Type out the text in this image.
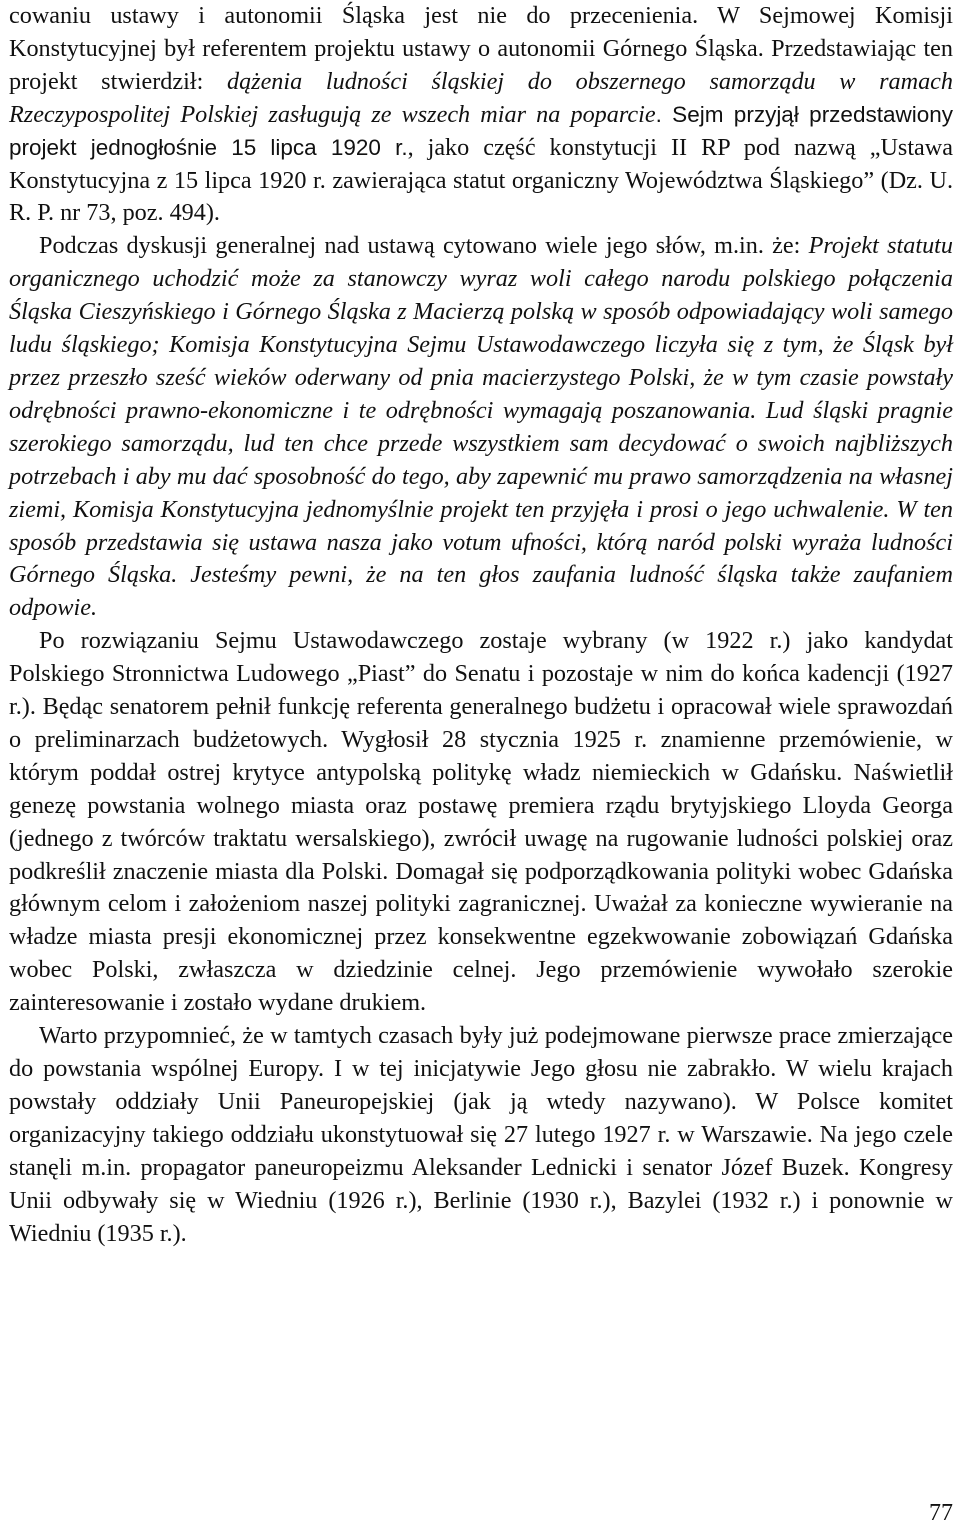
cowaniu ustawy i autonomii Śląska jest nie do przecenienia. W Sejmowej Komisji Konstytucyjnej był referentem projektu ustawy o autonomii Górnego Śląska. Przedstawiając ten projekt stwierdził: dążenia ludności śląskiej do obszernego samorządu w ramach Rzeczypospolitej Polskiej zasługują ze wszech miar na poparcie. Sejm przyjął przedstawiony projekt jednogłośnie 15 lipca 1920 r., jako część konstytucji II RP pod nazwą „Ustawa Konstytucyjna z 15 lipca 1920 r. zawierająca statut organiczny Województwa Śląskiego” (Dz. U. R. P. nr 73, poz. 494).

Podczas dyskusji generalnej nad ustawą cytowano wiele jego słów, m.in. że: Projekt statutu organicznego uchodzić może za stanowczy wyraz woli całego narodu polskiego połączenia Śląska Cieszyńskiego i Górnego Śląska z Macierzą polską w sposób odpowiadający woli samego ludu śląskiego; Komisja Konstytucyjna Sejmu Ustawodawczego liczyła się z tym, że Śląsk był przez przeszło sześć wieków oderwany od pnia macierzystego Polski, że w tym czasie powstały odrębności prawno-ekonomiczne i te odrębności wymagają poszanowania. Lud śląski pragnie szerokiego samorządu, lud ten chce przede wszystkiem sam decydować o swoich najbliższych potrzebach i aby mu dać sposobność do tego, aby zapewnić mu prawo samorządzenia na własnej ziemi, Komisja Konstytucyjna jednomyślnie projekt ten przyjęła i prosi o jego uchwalenie. W ten sposób przedstawia się ustawa nasza jako votum ufności, którą naród polski wyraża ludności Górnego Śląska. Jesteśmy pewni, że na ten głos zaufania ludność śląska także zaufaniem odpowie.

Po rozwiązaniu Sejmu Ustawodawczego zostaje wybrany (w 1922 r.) jako kandydat Polskiego Stronnictwa Ludowego „Piast” do Senatu i pozostaje w nim do końca kadencji (1927 r.). Będąc senatorem pełnił funkcję referenta generalnego budżetu i opracował wiele sprawozdań o preliminarzach budżetowych. Wygłosił 28 stycznia 1925 r. znamienne przemówienie, w którym poddał ostrej krytyce antypolską politykę władz niemieckich w Gdańsku. Naświetlił genezę powstania wolnego miasta oraz postawę premiera rządu brytyjskiego Lloyda Georga (jednego z twórców traktatu wersalskiego), zwrócił uwagę na rugowanie ludności polskiej oraz podkreślił znaczenie miasta dla Polski. Domagał się podporządkowania polityki wobec Gdańska głównym celom i założeniom naszej polityki zagranicznej. Uważał za konieczne wywieranie na władze miasta presji ekonomicznej przez konsekwentne egzekwowanie zobowiązań Gdańska wobec Polski, zwłaszcza w dziedzinie celnej. Jego przemówienie wywołało szerokie zainteresowanie i zostało wydane drukiem.

Warto przypomnieć, że w tamtych czasach były już podejmowane pierwsze prace zmierzające do powstania wspólnej Europy. I w tej inicjatywie Jego głosu nie zabrakło. W wielu krajach powstały oddziały Unii Paneuropejskiej (jak ją wtedy nazywano). W Polsce komitet organizacyjny takiego oddziału ukonstytuował się 27 lutego 1927 r. w Warszawie. Na jego czele stanęli m.in. propagator paneuropeizmu Aleksander Lednicki i senator Józef Buzek. Kongresy Unii odbywały się w Wiedniu (1926 r.), Berlinie (1930 r.), Bazylei (1932 r.) i ponownie w Wiedniu (1935 r.).

77
